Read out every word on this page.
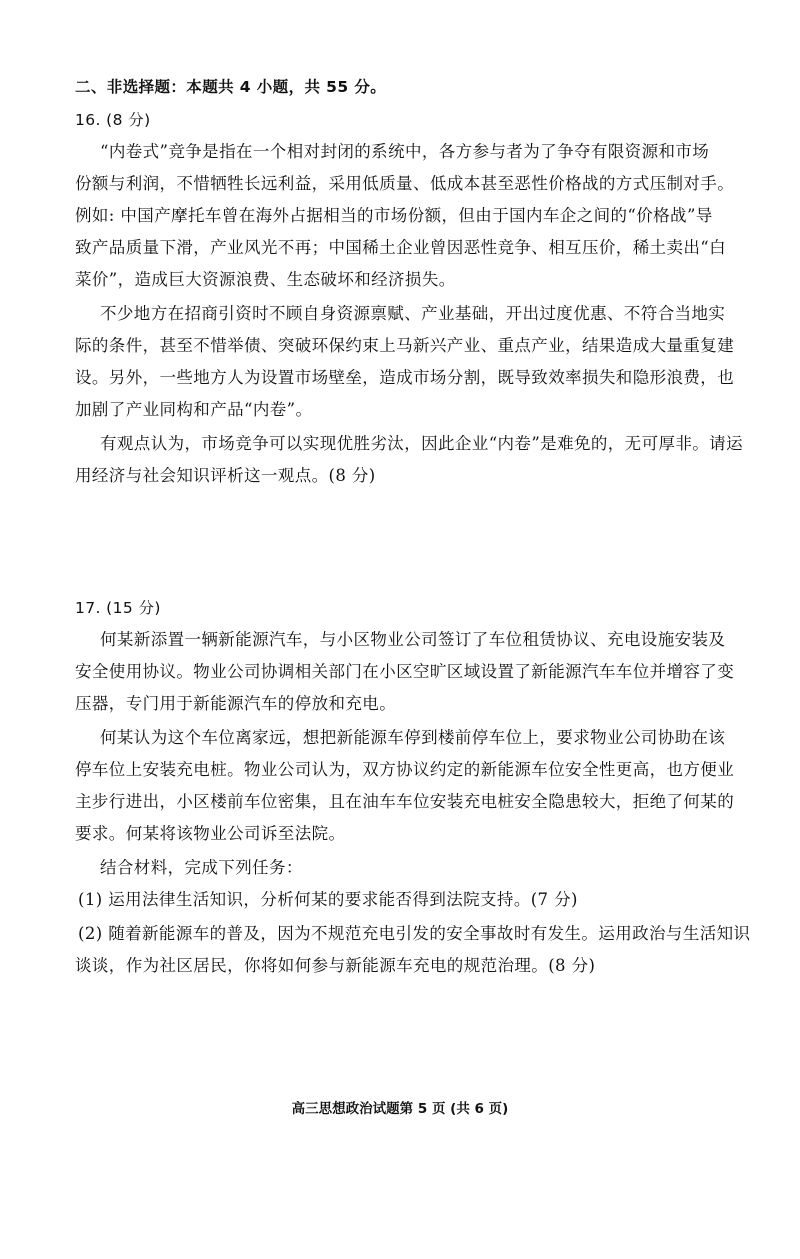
二、非选择题：本题共 4 小题，共 55 分。
16. (8 分)
“内卷式”竞争是指在一个相对封闭的系统中，各方参与者为了争夺有限资源和市场
份额与利润，不惜牺牲长远利益，采用低质量、低成本甚至恶性价格战的方式压制对手。
例如: 中国产摩托车曾在海外占据相当的市场份额，但由于国内车企之间的“价格战”导
致产品质量下滑，产业风光不再；中国稀土企业曾因恶性竞争、相互压价，稀土卖出“白
菜价”，造成巨大资源浪费、生态破坏和经济损失。
不少地方在招商引资时不顾自身资源禀赋、产业基础，开出过度优惠、不符合当地实
际的条件，甚至不惜举债、突破环保约束上马新兴产业、重点产业，结果造成大量重复建
设。另外，一些地方人为设置市场壁垒，造成市场分割，既导致效率损失和隐形浪费，也
加剧了产业同构和产品“内卷”。
有观点认为，市场竞争可以实现优胜劣汰，因此企业“内卷”是难免的，无可厚非。请运
用经济与社会知识评析这一观点。(8 分)
17. (15 分)
何某新添置一辆新能源汽车，与小区物业公司签订了车位租赁协议、充电设施安装及
安全使用协议。物业公司协调相关部门在小区空旷区域设置了新能源汽车车位并增容了变
压器，专门用于新能源汽车的停放和充电。
何某认为这个车位离家远，想把新能源车停到楼前停车位上，要求物业公司协助在该
停车位上安装充电桩。物业公司认为，双方协议约定的新能源车位安全性更高，也方便业
主步行进出，小区楼前车位密集，且在油车车位安装充电桩安全隐患较大，拒绝了何某的
要求。何某将该物业公司诉至法院。
结合材料，完成下列任务：
(1) 运用法律生活知识，分析何某的要求能否得到法院支持。(7 分)
(2) 随着新能源车的普及，因为不规范充电引发的安全事故时有发生。运用政治与生活知识
谈谈，作为社区居民，你将如何参与新能源车充电的规范治理。(8 分)
高三思想政治试题第 5 页 (共 6 页)
